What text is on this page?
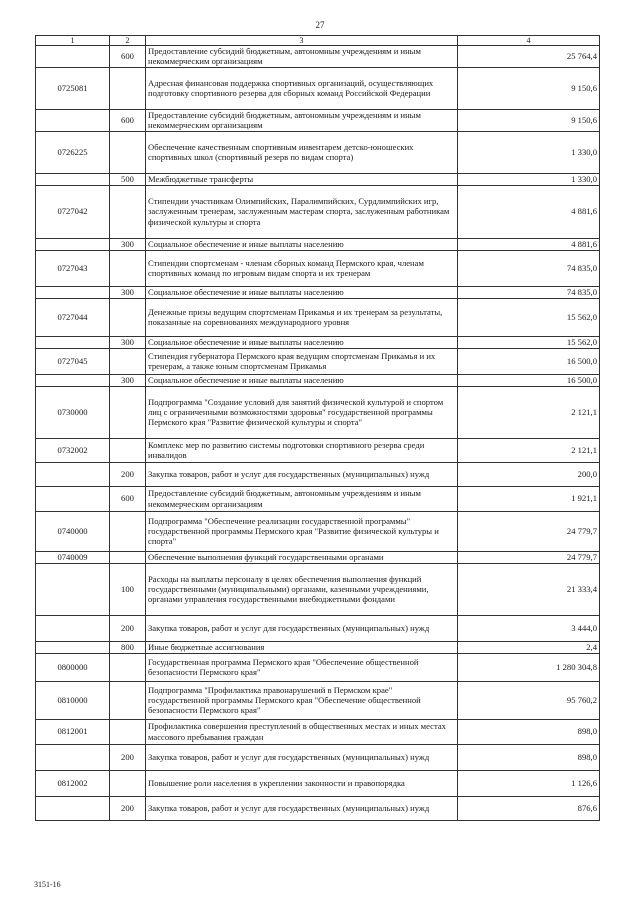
27
1	2	3	4
	600	Предоставление субсидий бюджетным, автономным учреждениям и иным некоммерческим организациям	25 764,4
0725081		Адресная финансовая поддержка спортивных организаций, осуществляющих подготовку спортивного резерва для сборных команд Российской Федерации	9 150,6
	600	Предоставление субсидий бюджетным, автономным учреждениям и иным некоммерческим организациям	9 150,6
0726225		Обеспечение качественным спортивным инвентарем детско-юношеских спортивных школ (спортивный резерв по видам спорта)	1 330,0
	500	Межбюджетные трансферты	1 330,0
0727042		Стипендии участникам Олимпийских, Паралимпийских, Сурдлимпийских игр, заслуженным тренерам, заслуженным мастерам спорта, заслуженным работникам физической культуры и спорта	4 881,6
	300	Социальное обеспечение и иные выплаты населению	4 881,6
0727043		Стипендии спортсменам - членам сборных команд Пермского края, членам спортивных команд по игровым видам спорта и их тренерам	74 835,0
	300	Социальное обеспечение и иные выплаты населению	74 835,0
0727044		Денежные призы ведущим спортсменам Прикамья и их тренерам за результаты, показанные на соревнованиях международного уровня	15 562,0
	300	Социальное обеспечение и иные выплаты населению	15 562,0
0727045		Стипендия губернатора Пермского края ведущим спортсменам Прикамья и их тренерам, а также юным спортсменам Прикамья	16 500,0
	300	Социальное обеспечение и иные выплаты населению	16 500,0
0730000		Подпрограмма "Создание условий для занятий физической культурой и спортом лиц с ограниченными возможностями здоровья" государственной программы Пермского края "Развитие физической культуры и спорта"	2 121,1
0732002		Комплекс мер по развитию системы подготовки спортивного резерва среди инвалидов	2 121,1
	200	Закупка товаров, работ и услуг для государственных (муниципальных) нужд	200,0
	600	Предоставление субсидий бюджетным, автономным учреждениям и иным некоммерческим организациям	1 921,1
0740000		Подпрограмма "Обеспечение реализации государственной программы" государственной программы Пермского края "Развитие физической культуры и спорта"	24 779,7
0740009		Обеспечение выполнения функций государственными органами	24 779,7
	100	Расходы на выплаты персоналу в целях обеспечения выполнения функций государственными (муниципальными) органами, казенными учреждениями, органами управления государственными внебюджетными фондами	21 333,4
	200	Закупка товаров, работ и услуг для государственных (муниципальных) нужд	3 444,0
	800	Иные бюджетные ассигнования	2,4
0800000		Государственная программа Пермского края "Обеспечение общественной безопасности Пермского края"	1 280 304,8
0810000		Подпрограмма "Профилактика правонарушений в Пермском крае" государственной программы Пермского края "Обеспечение общественной безопасности Пермского края"	95 760,2
0812001		Профилактика совершения преступлений в общественных местах и иных местах массового пребывания граждан	898,0
	200	Закупка товаров, работ и услуг для государственных (муниципальных) нужд	898,0
0812002		Повышение роли населения в укреплении законности и правопорядка	1 126,6
	200	Закупка товаров, работ и услуг для государственных (муниципальных) нужд	876,6
3151-16
